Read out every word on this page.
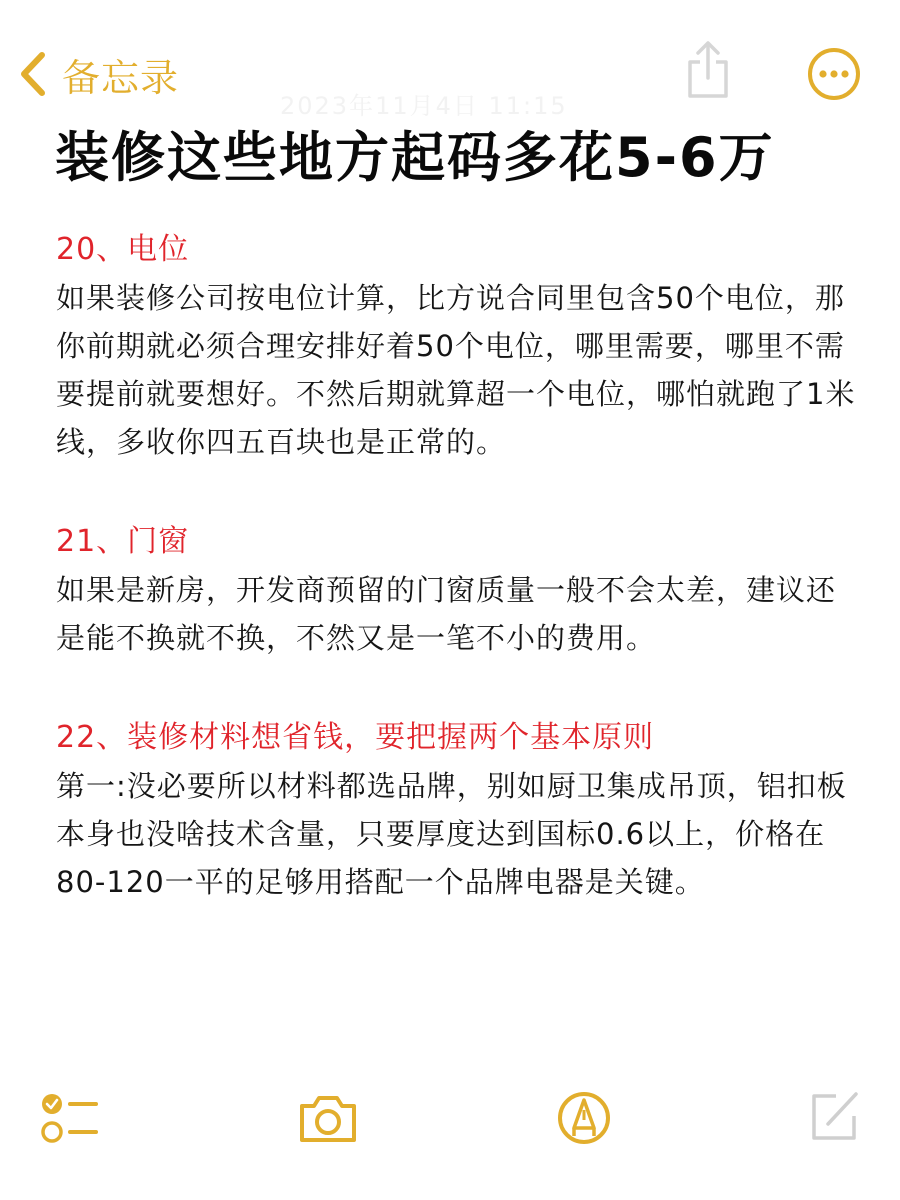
备忘录
2023年11月4日 11:15
装修这些地方起码多花5-6万
20、电位
如果装修公司按电位计算，比方说合同里包含50个电位，那你前期就必须合理安排好着50个电位，哪里需要，哪里不需要提前就要想好。不然后期就算超一个电位，哪怕就跑了1米线，多收你四五百块也是正常的。
21、门窗
如果是新房，开发商预留的门窗质量一般不会太差，建议还是能不换就不换，不然又是一笔不小的费用。
22、装修材料想省钱，要把握两个基本原则
第一:没必要所以材料都选品牌，别如厨卫集成吊顶，铝扣板本身也没啥技术含量，只要厚度达到国标0.6以上，价格在80-120一平的足够用搭配一个品牌电器是关键。
